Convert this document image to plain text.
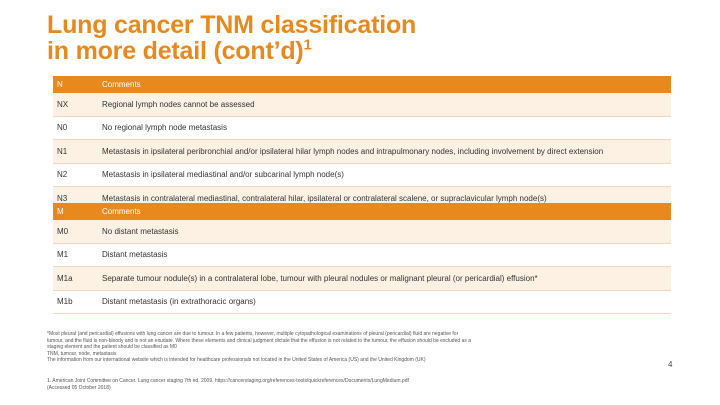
Lung cancer TNM classification
in more detail (cont’d)$^1$
N	Comments
NX	Regional lymph nodes cannot be assessed
N0	No regional lymph node metastasis
N1	Metastasis in ipsilateral peribronchial and/or ipsilateral hilar lymph nodes and intrapulmonary nodes, including involvement by direct extension
N2	Metastasis in ipsilateral mediastinal and/or subcarinal lymph node(s)
N3	Metastasis in contralateral mediastinal, contralateral hilar, ipsilateral or contralateral scalene, or supraclavicular lymph node(s)
M	Comments
M0	No distant metastasis
M1	Distant metastasis
M1a	Separate tumour nodule(s) in a contralateral lobe, tumour with pleural nodules or malignant pleural (or pericardial) effusion*
M1b	Distant metastasis (in extrathoracic organs)

*Most pleural (and pericardial) effusions with lung cancer are due to tumour. In a few patients, however, multiple cytopathological examinations of pleural (pericardial) fluid are negative for

tumour, and the fluid is non-bloody and is not an exudate. Where these elements and clinical judgment dictate that the effusion is not related to the tumour, the effusion should be excluded as a

staging element and the patient should be classified as M0

TNM, tumour, node, metastasis

The information from our international website which is intended for healthcare professionals not located in the United States of America (US) and the United Kingdom (UK)

1. American Joint Committee on Cancer. Lung cancer staging 7th ed. 2009. https://cancerstaging.org/references-tools/quickreferences/Documents/LungMedium.pdf

(Accessed 05 October 2018)

4
